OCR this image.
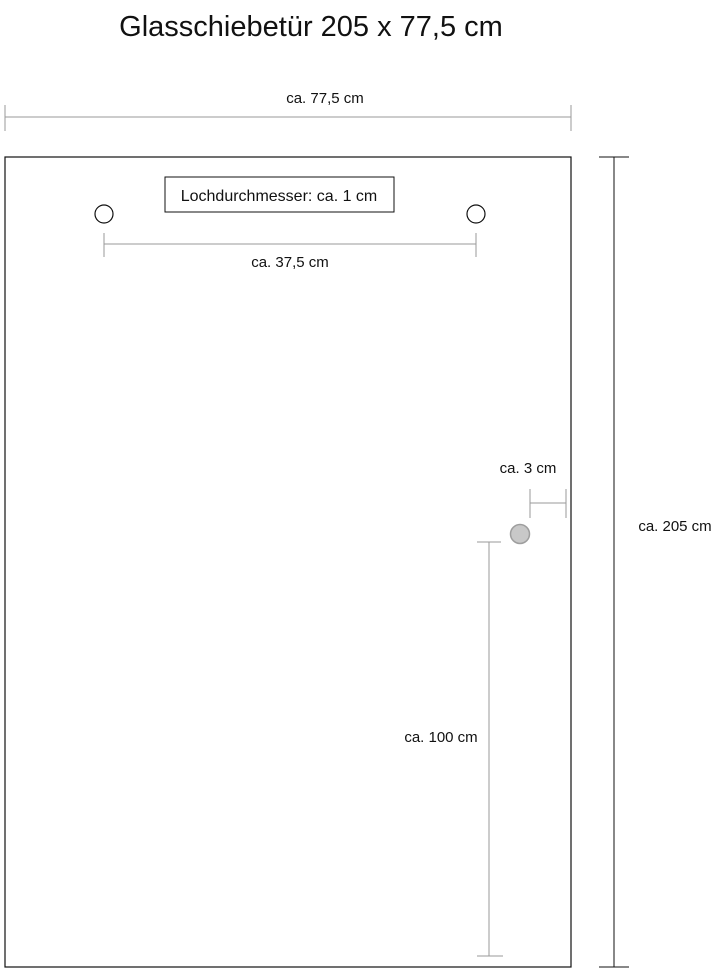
Glasschiebetür 205 x 77,5 cm
ca. 77,5 cm
Lochdurchmesser: ca. 1 cm
ca. 37,5 cm
ca. 3 cm
ca. 100 cm
ca. 205 cm
